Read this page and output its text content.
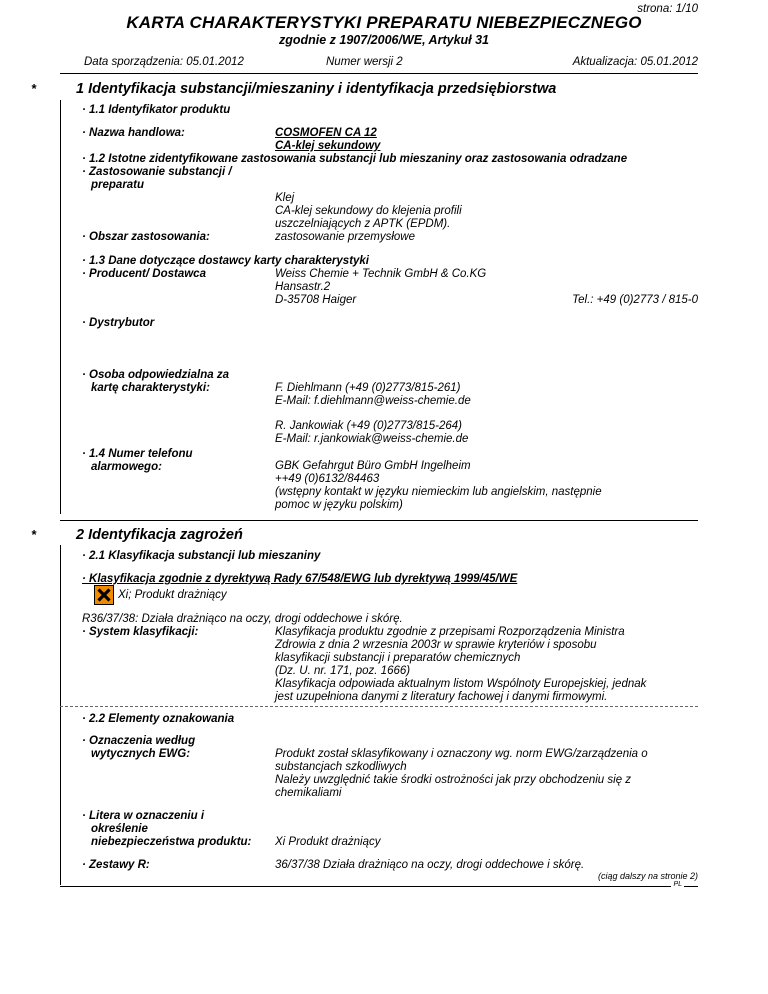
strona: 1/10
KARTA CHARAKTERYSTYKI PREPARATU NIEBEZPIECZNEGO
zgodnie z 1907/2006/WE, Artykuł 31
Data sporządzenia: 05.01.2012	Numer wersji 2	Aktualizacja: 05.01.2012
*	1 Identyfikacja substancji/mieszaniny i identyfikacja przedsiębiorstwa
· 1.1 Identyfikator produktu
· Nazwa handlowa:	COSMOFEN CA 12
CA-klej sekundowy
· 1.2 Istotne zidentyfikowane zastosowania substancji lub mieszaniny oraz zastosowania odradzane
· Zastosowanie substancji /
preparatu
Klej
CA-klej sekundowy do klejenia profili
uszczelniających z APTK (EPDM).
· Obszar zastosowania:	zastosowanie przemysłowe
· 1.3 Dane dotyczące dostawcy karty charakterystyki
· Producent/ Dostawca	Weiss Chemie + Technik GmbH & Co.KG
Hansastr.2
D-35708 Haiger	Tel.: +49 (0)2773 / 815-0
· Dystrybutor
· Osoba odpowiedzialna za
kartę charakterystyki:	F. Diehlmann (+49 (0)2773/815-261)
E-Mail: f.diehlmann@weiss-chemie.de
R. Jankowiak (+49 (0)2773/815-264)
E-Mail: r.jankowiak@weiss-chemie.de
· 1.4 Numer telefonu
alarmowego:	GBK Gefahrgut Büro GmbH Ingelheim
++49 (0)6132/84463
(wstępny kontakt w języku niemieckim lub angielskim, następnie
pomoc w języku polskim)
*	2 Identyfikacja zagrożeń
· 2.1 Klasyfikacja substancji lub mieszaniny
· Klasyfikacja zgodnie z dyrektywą Rady 67/548/EWG lub dyrektywą 1999/45/WE
Xi; Produkt drażniący
R36/37/38: Działa drażniąco na oczy, drogi oddechowe i skórę.
· System klasyfikacji:	Klasyfikacja produktu zgodnie z przepisami Rozporządzenia Ministra
Zdrowia z dnia 2 wrzesnia 2003r w sprawie kryteriów i sposobu
klasyfikacji substancji i preparatów chemicznych
(Dz. U. nr. 171, poz. 1666)
Klasyfikacja odpowiada aktualnym listom Wspólnoty Europejskiej, jednak
jest uzupełniona danymi z literatury fachowej i danymi firmowymi.
· 2.2 Elementy oznakowania
· Oznaczenia według
wytycznych EWG:	Produkt został sklasyfikowany i oznaczony wg. norm EWG/zarządzenia o
substancjach szkodliwych
Należy uwzględnić takie środki ostrożności jak przy obchodzeniu się z
chemikaliami
· Litera w oznaczeniu i
określenie
niebezpieczeństwa produktu: Xi Produkt drażniący
· Zestawy R:	36/37/38 Działa drażniąco na oczy, drogi oddechowe i skórę.
(ciąg dalszy na stronie 2)
PL
